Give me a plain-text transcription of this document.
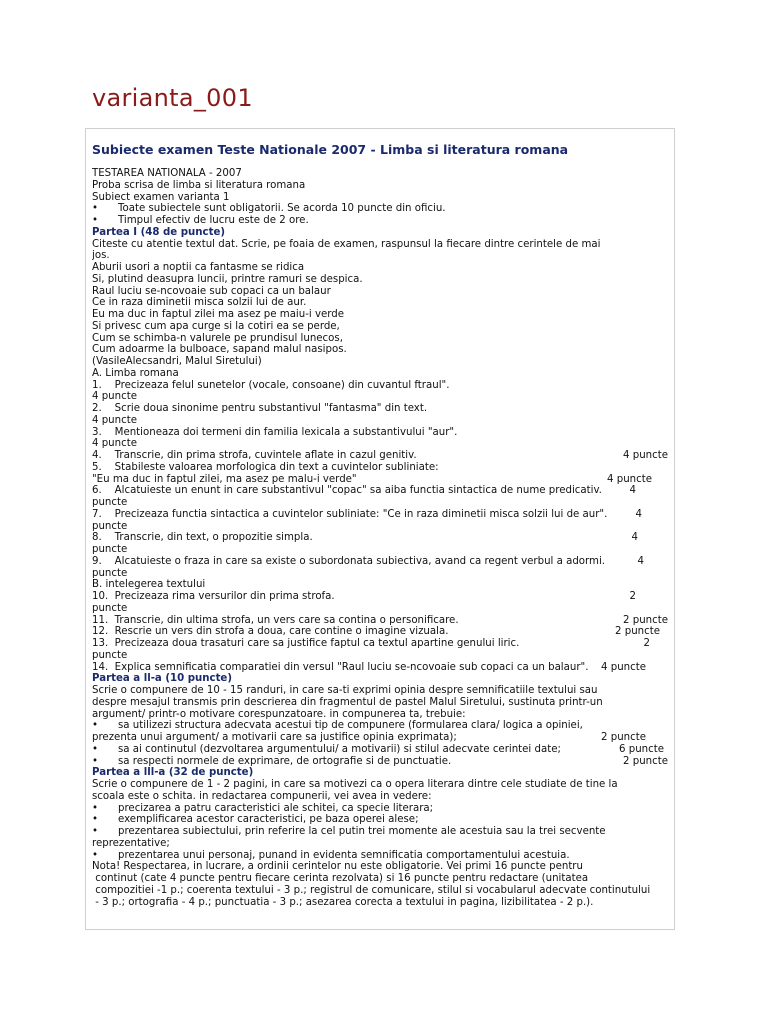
varianta_001
Subiecte examen Teste Nationale 2007 - Limba si literatura romana
TESTAREA NATIONALA - 2007
Proba scrisa de limba si literatura romana
Subiect examen varianta 1
• Toate subiectele sunt obligatorii. Se acorda 10 puncte din oficiu.
• Timpul efectiv de lucru este de 2 ore.
Partea I (48 de puncte)
Citeste cu atentie textul dat. Scrie, pe foaia de examen, raspunsul la fiecare dintre cerintele de mai
jos.
Aburii usori a noptii ca fantasme se ridica
Si, plutind deasupra luncii, printre ramuri se despica.
Raul luciu se-ncovoaie sub copaci ca un balaur
Ce in raza diminetii misca solzii lui de aur.
Eu ma duc in faptul zilei ma asez pe maiu-i verde
Si privesc cum apa curge si la cotiri ea se perde,
Cum se schimba-n valurele pe prundisul lunecos,
Cum adoarme la bulboace, sapand malul nasipos.
(VasileAlecsandri, Malul Siretului)
A. Limba romana
1.    Precizeaza felul sunetelor (vocale, consoane) din cuvantul ftraul".
4 puncte
2.    Scrie doua sinonime pentru substantivul "fantasma" din text.
4 puncte
3.    Mentioneaza doi termeni din familia lexicala a substantivului "aur".
4 puncte
4.    Transcrie, din prima strofa, cuvintele aflate in cazul genitiv.	4 puncte
5.    Stabileste valoarea morfologica din text a cuvintelor subliniate:
"Eu ma duc in faptul zilei, ma asez pe malu-i verde"	4 puncte
6.    Alcatuieste un enunt in care substantivul "copac" sa aiba functia sintactica de nume predicativ.	4
puncte
7.    Precizeaza functia sintactica a cuvintelor subliniate: "Ce in raza diminetii misca solzii lui de aur".	4
puncte
8.    Transcrie, din text, o propozitie simpla.	4
puncte
9.    Alcatuieste o fraza in care sa existe o subordonata subiectiva, avand ca regent verbul a adormi.	4
puncte
B. intelegerea textului
10.  Precizeaza rima versurilor din prima strofa.	2
puncte
11.  Transcrie, din ultima strofa, un vers care sa contina o personificare.	2 puncte
12.  Rescrie un vers din strofa a doua, care contine o imagine vizuala.	2 puncte
13.  Precizeaza doua trasaturi care sa justifice faptul ca textul apartine genului liric.	2
puncte
14.  Explica semnificatia comparatiei din versul "Raul luciu se-ncovoaie sub copaci ca un balaur". 4 puncte
Partea a ll-a (10 puncte)
Scrie o compunere de 10 - 15 randuri, in care sa-ti exprimi opinia despre semnificatiile textului sau
despre mesajul transmis prin descrierea din fragmentul de pastel Malul Siretului, sustinuta printr-un
argument/ printr-o motivare corespunzatoare. in compunerea ta, trebuie:
• sa utilizezi structura adecvata acestui tip de compunere (formularea clara/ logica a opiniei,
prezenta unui argument/ a motivarii care sa justifice opinia exprimata);	2 puncte
• sa ai continutul (dezvoltarea argumentului/ a motivarii) si stilul adecvate cerintei date;	6 puncte
• sa respecti normele de exprimare, de ortografie si de punctuatie.	2 puncte
Partea a lll-a (32 de puncte)
Scrie o compunere de 1 - 2 pagini, in care sa motivezi ca o opera literara dintre cele studiate de tine la
scoala este o schita. in redactarea compunerii, vei avea in vedere:
• precizarea a patru caracteristici ale schitei, ca specie literara;
• exemplificarea acestor caracteristici, pe baza operei alese;
• prezentarea subiectului, prin referire la cel putin trei momente ale acestuia sau la trei secvente
reprezentative;
• prezentarea unui personaj, punand in evidenta semnificatia comportamentului acestuia.
Nota! Respectarea, in lucrare, a ordinii cerintelor nu este obligatorie. Vei primi 16 puncte pentru
continut (cate 4 puncte pentru fiecare cerinta rezolvata) si 16 puncte pentru redactare (unitatea
compozitiei -1 p.; coerenta textului - 3 p.; registrul de comunicare, stilul si vocabularul adecvate continutului
- 3 p.; ortografia - 4 p.; punctuatia - 3 p.; asezarea corecta a textului in pagina, lizibilitatea - 2 p.).
